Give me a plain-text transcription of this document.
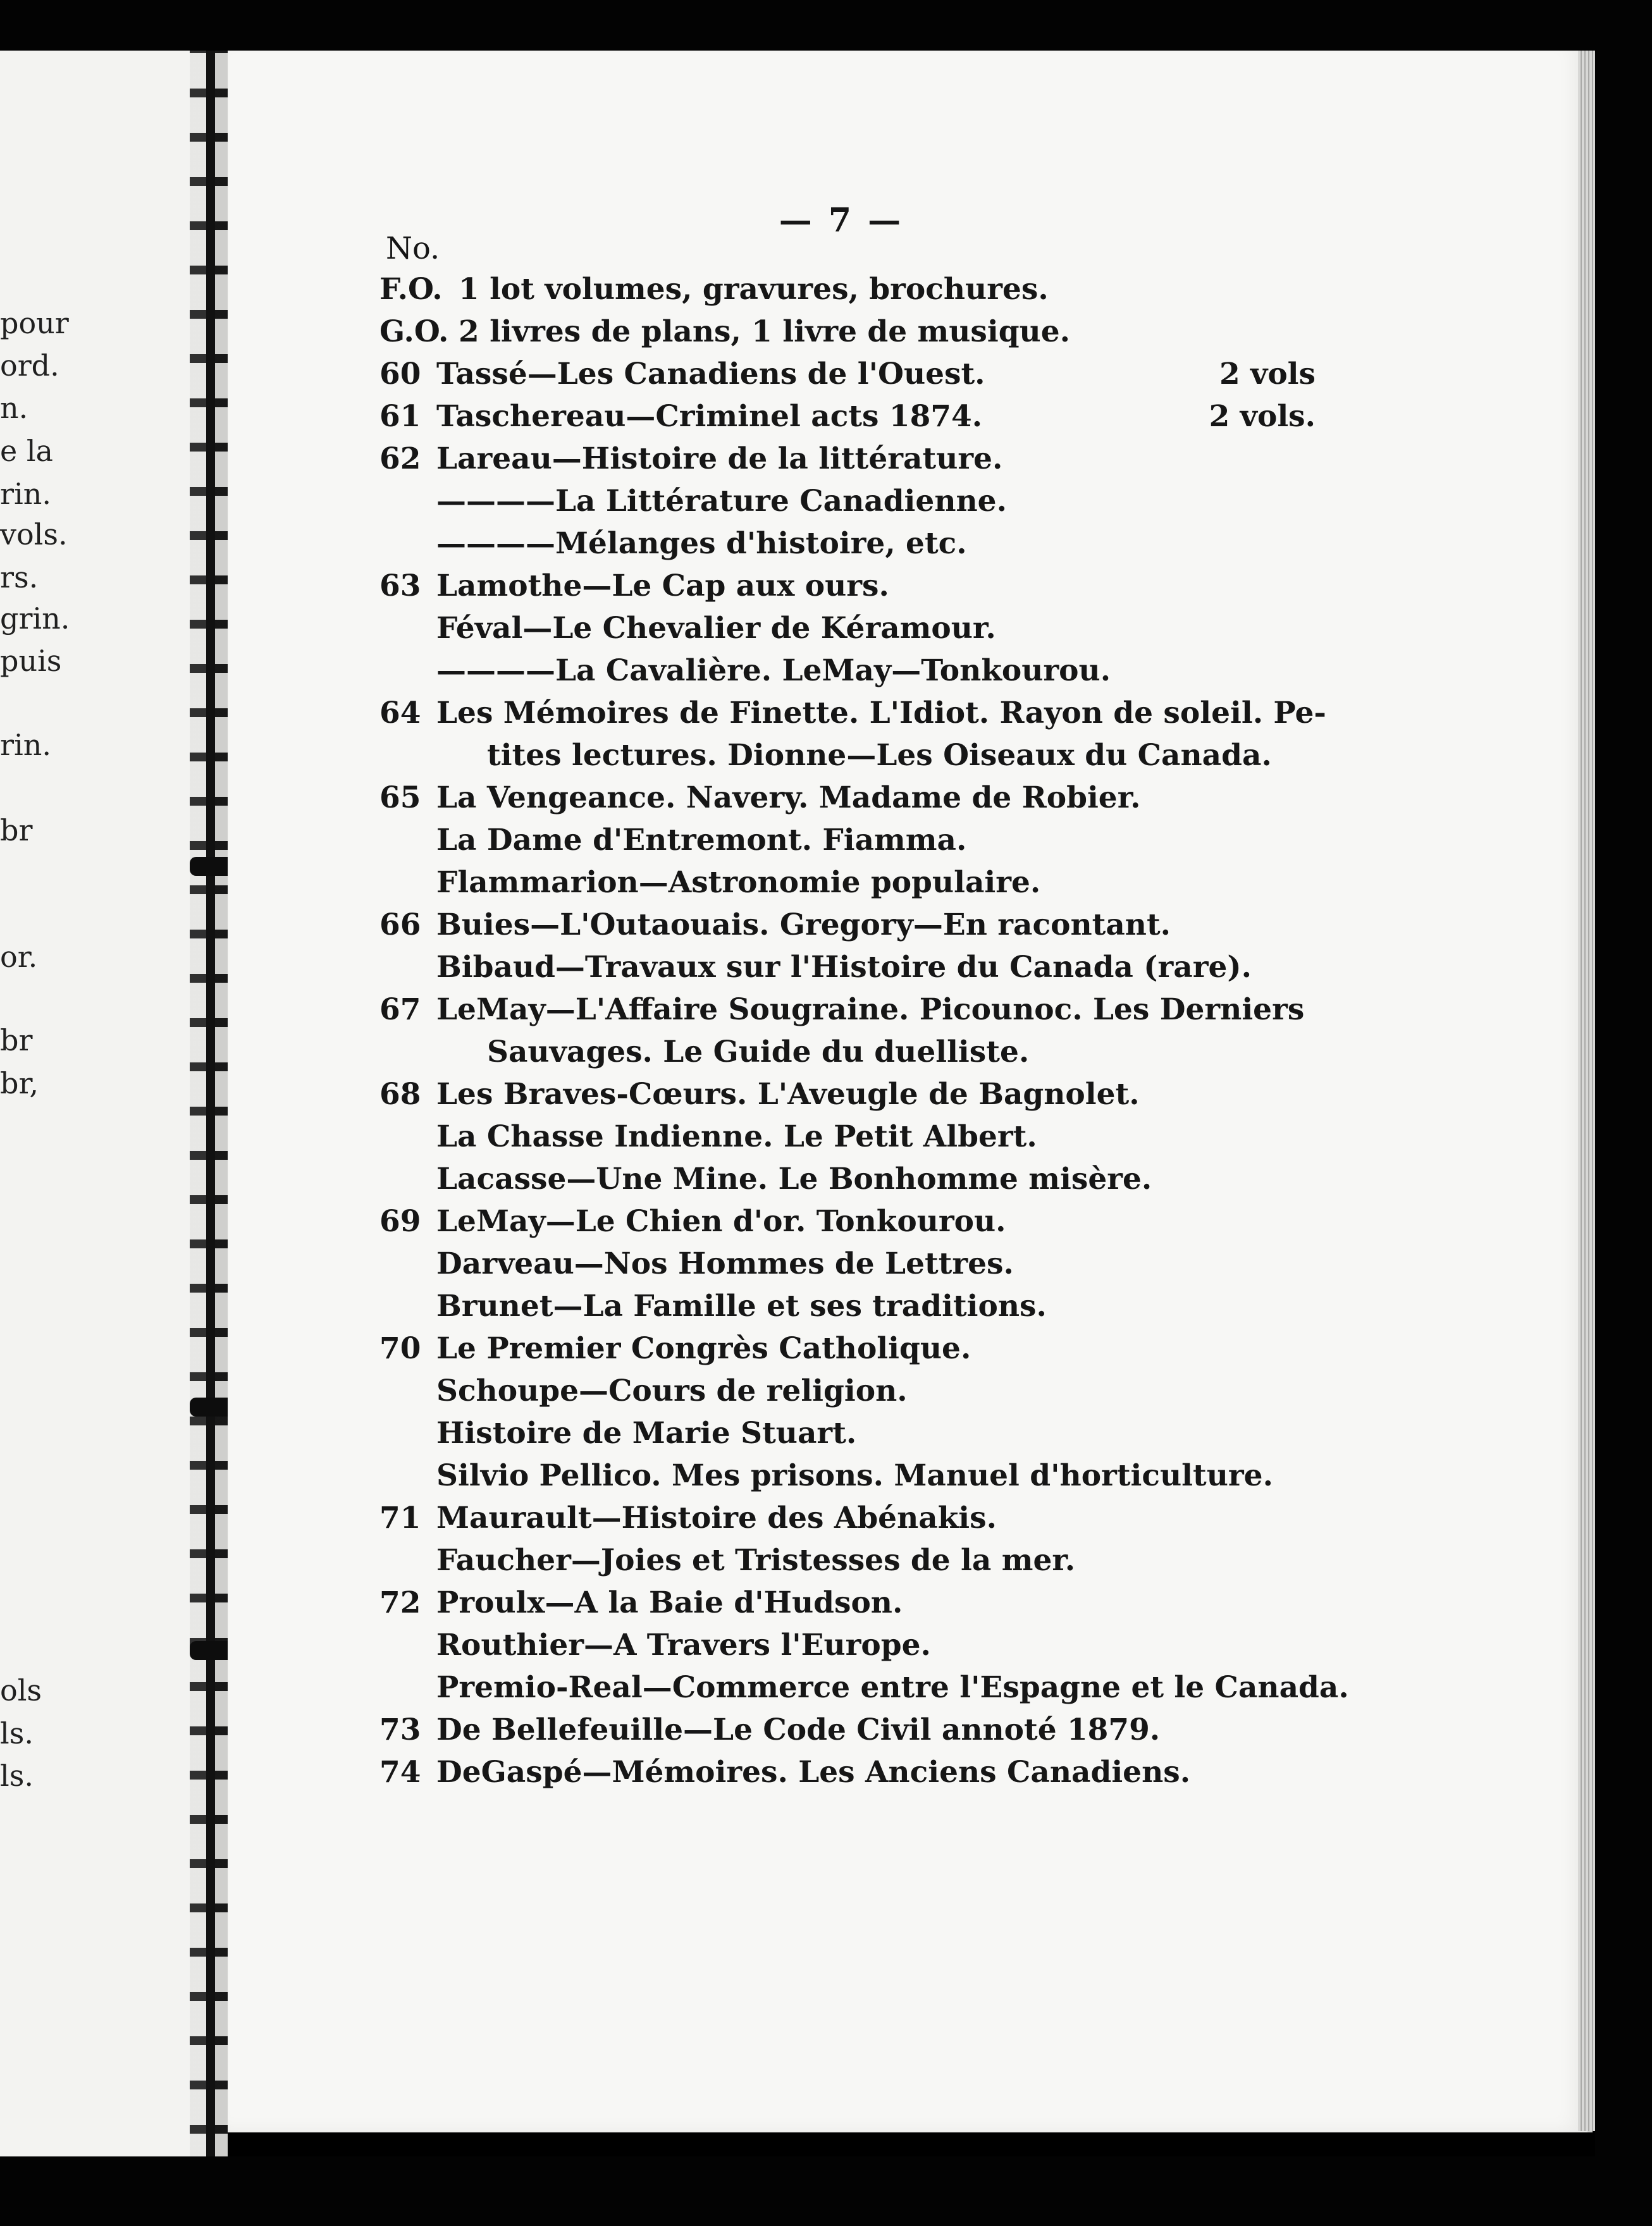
pour
ord.
n.
e la
rin.
vols.
rs.
grin.
puis
rin.
br
or.
br
br,
ols
ls.
ls.
— 7 —
No.
F.O. 1 lot volumes, gravures, brochures.
G.O. 2 livres de plans, 1 livre de musique.
60 Tassé—Les Canadiens de l'Ouest.	2 vols
61 Taschereau—Criminel acts 1874.	2 vols.
62 Lareau—Histoire de la littérature.
————La Littérature Canadienne.
————Mélanges d'histoire, etc.
63 Lamothe—Le Cap aux ours.
Féval—Le Chevalier de Kéramour.
————La Cavalière. LeMay—Tonkourou.
64 Les Mémoires de Finette. L'Idiot. Rayon de soleil. Pe-
tites lectures. Dionne—Les Oiseaux du Canada.
65 La Vengeance. Navery. Madame de Robier.
La Dame d'Entremont. Fiamma.
Flammarion—Astronomie populaire.
66 Buies—L'Outaouais. Gregory—En racontant.
Bibaud—Travaux sur l'Histoire du Canada (rare).
67 LeMay—L'Affaire Sougraine. Picounoc. Les Derniers
Sauvages. Le Guide du duelliste.
68 Les Braves-Cœurs. L'Aveugle de Bagnolet.
La Chasse Indienne. Le Petit Albert.
Lacasse—Une Mine. Le Bonhomme misère.
69 LeMay—Le Chien d'or. Tonkourou.
Darveau—Nos Hommes de Lettres.
Brunet—La Famille et ses traditions.
70 Le Premier Congrès Catholique.
Schoupe—Cours de religion.
Histoire de Marie Stuart.
Silvio Pellico. Mes prisons. Manuel d'horticulture.
71 Maurault—Histoire des Abénakis.
Faucher—Joies et Tristesses de la mer.
72 Proulx—A la Baie d'Hudson.
Routhier—A Travers l'Europe.
Premio-Real—Commerce entre l'Espagne et le Canada.
73 De Bellefeuille—Le Code Civil annoté 1879.
74 DeGaspé—Mémoires. Les Anciens Canadiens.
